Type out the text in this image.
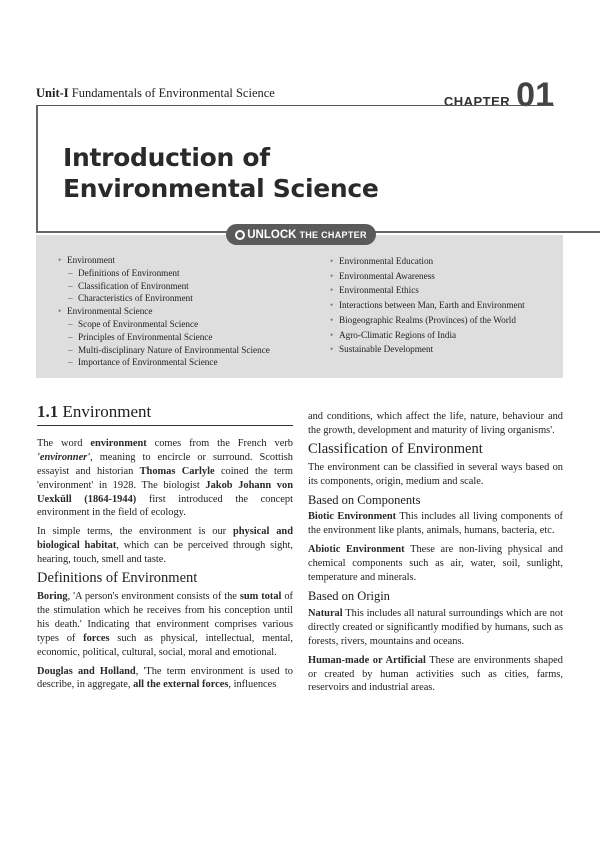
Unit-I Fundamentals of Environmental Science
CHAPTER 01
Introduction of
Environmental Science
UNLOCK THE CHAPTER
• Environment
– Definitions of Environment
– Classification of Environment
– Characteristics of Environment
• Environmental Science
– Scope of Environmental Science
– Principles of Environmental Science
– Multi-disciplinary Nature of Environmental Science
– Importance of Environmental Science
• Environmental Education
• Environmental Awareness
• Environmental Ethics
• Interactions between Man, Earth and Environment
• Biogeographic Realms (Provinces) of the World
• Agro-Climatic Regions of India
• Sustainable Development
1.1 Environment

The word environment comes from the French verb 'environner', meaning to encircle or surround. Scottish essayist and historian Thomas Carlyle coined the term 'environment' in 1928. The biologist Jakob Johann von Uexküll (1864-1944) first introduced the concept environment in the field of ecology.

In simple terms, the environment is our physical and biological habitat, which can be perceived through sight, hearing, touch, smell and taste.

Definitions of Environment

Boring, 'A person's environment consists of the sum total of the stimulation which he receives from his conception until his death.' Indicating that environment comprises various types of forces such as physical, intellectual, mental, economic, political, cultural, social, moral and emotional.

Douglas and Holland, 'The term environment is used to describe, in aggregate, all the external forces, influences

and conditions, which affect the life, nature, behaviour and the growth, development and maturity of living organisms'.

Classification of Environment

The environment can be classified in several ways based on its components, origin, medium and scale.

Based on Components

Biotic Environment This includes all living components of the environment like plants, animals, humans, bacteria, etc.

Abiotic Environment These are non-living physical and chemical components such as air, water, soil, sunlight, temperature and minerals.

Based on Origin

Natural This includes all natural surroundings which are not directly created or significantly modified by humans, such as forests, rivers, mountains and oceans.

Human-made or Artificial These are environments shaped or created by human activities such as cities, farms, reservoirs and industrial areas.
